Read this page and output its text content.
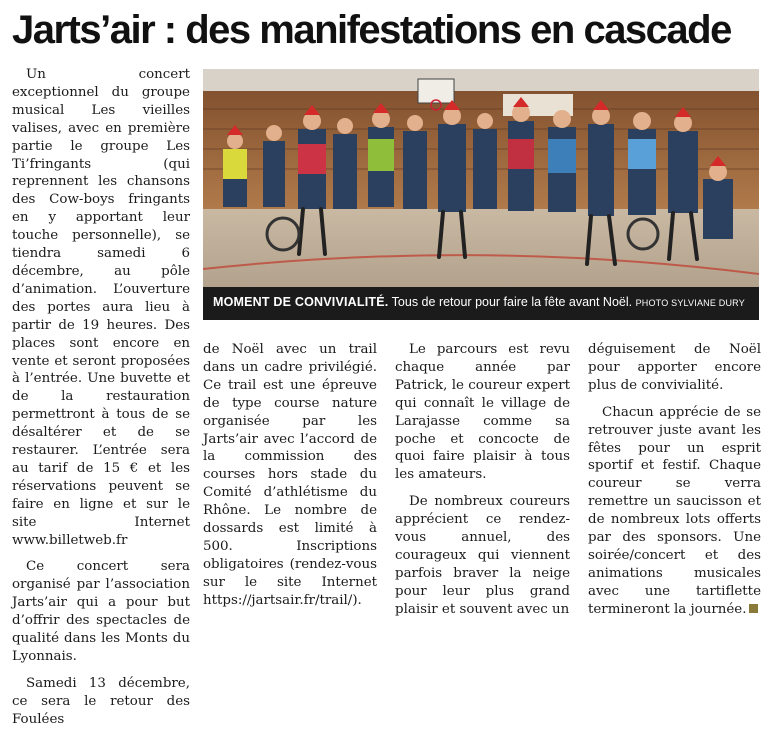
Jarts’air : des manifestations en cascade

Un concert exceptionnel du groupe musical Les vieilles valises, avec en première partie le groupe Les Ti’fringants (qui reprennent les chansons des Cow-boys fringants en y apportant leur touche personnelle), se tiendra samedi 6 décembre, au pôle d’animation. L’ouverture des portes aura lieu à partir de 19 heures. Des places sont encore en vente et seront proposées à l’entrée. Une buvette et de la restauration permettront à tous de se désaltérer et de se restaurer. L’entrée sera au tarif de 15 € et les réservations peuvent se faire en ligne et sur le site Internet www.billetweb.fr

Ce concert sera organisé par l’association Jarts’air qui a pour but d’offrir des spectacles de qualité dans les Monts du Lyonnais.

Samedi 13 décembre, ce sera le retour des Foulées

MOMENT DE CONVIVIALITÉ. Tous de retour pour faire la fête avant Noël. PHOTO SYLVIANE DURY

de Noël avec un trail dans un cadre privilégié. Ce trail est une épreuve de type course nature organisée par les Jarts’air avec l’accord de la commission des courses hors stade du Comité d’athlétisme du Rhône. Le nombre de dossards est limité à 500. Inscriptions obligatoires (rendez-vous sur le site Internet https://jartsair.fr/trail/).

Le parcours est revu chaque année par Patrick, le coureur expert qui connaît le village de Larajasse comme sa poche et concocte de quoi faire plaisir à tous les amateurs.

De nombreux coureurs apprécient ce rendez-vous annuel, des courageux qui viennent parfois braver la neige pour leur plus grand plaisir et souvent avec un

déguisement de Noël pour apporter encore plus de convivialité.

Chacun apprécie de se retrouver juste avant les fêtes pour un esprit sportif et festif. Chaque coureur se verra remettre un saucisson et de nombreux lots offerts par des sponsors. Une soirée/concert et des animations musicales avec une tartiflette termineront la journée.
